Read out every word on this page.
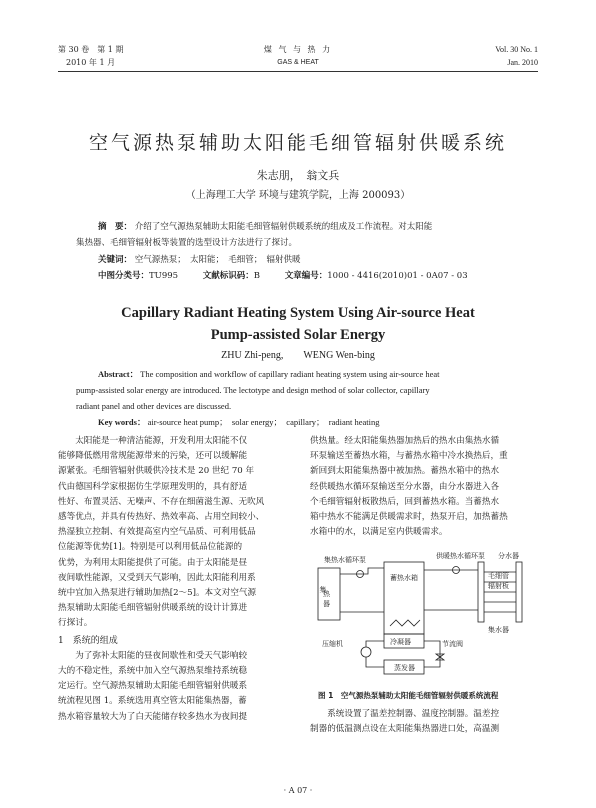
第 30 卷　第 1 期
2010 年 1 月
煤 气 与 热 力
GAS & HEAT
Vol. 30 No. 1
Jan. 2010
空气源热泵辅助太阳能毛细管辐射供暖系统
朱志朋，　翁文兵
（上海理工大学 环境与建筑学院，上海 200093）
摘　要： 介绍了空气源热泵辅助太阳能毛细管辐射供暖系统的组成及工作流程。对太阳能
集热器、毛细管辐射板等装置的选型设计方法进行了探讨。
关键词： 空气源热泵；　太阳能；　毛细管；　辐射供暖
中图分类号：TU995	文献标识码：B	文章编号：1000 - 4416(2010)01 - 0A07 - 03
Capillary Radiant Heating System Using Air-source Heat
Pump-assisted Solar Energy
ZHU Zhi-peng,　　WENG Wen-bing
Abstract： The composition and workflow of capillary radiant heating system using air-source heat
pump-assisted solar energy are introduced. The lectotype and design method of solar collector, capillary
radiant panel and other devices are discussed.
Key words： air-source heat pump；　solar energy；　capillary；　radiant heating
　　太阳能是一种清洁能源，开发利用太阳能不仅
能够降低燃用常规能源带来的污染，还可以缓解能
源紧张。毛细管辐射供暖供冷技术是 20 世纪 70 年
代由德国科学家根据仿生学原理发明的，具有舒适
性好、布置灵活、无噪声、不存在细菌滋生源、无吹风
感等优点，并具有传热好、热效率高、占用空间较小、
热湿独立控制、有效提高室内空气品质、可利用低品
位能源等优势[1]。特别是可以利用低品位能源的
优势，为利用太阳能提供了可能。由于太阳能是昼
夜间歇性能源，又受到天气影响，因此太阳能利用系
统中宜加入热泵进行辅助加热[2～5]。本文对空气源
热泵辅助太阳能毛细管辐射供暖系统的设计计算进
行探讨。
1　系统的组成
　　为了弥补太阳能的昼夜间歇性和受天气影响较
大的不稳定性，系统中加入空气源热泵维持系统稳
定运行。空气源热泵辅助太阳能毛细管辐射供暖系
统流程见图 1。系统选用真空管太阳能集热器，蓄
热水箱容量较大为了白天能储存较多热水为夜间提
供热量。经太阳能集热器加热后的热水由集热水循
环泵输送至蓄热水箱，与蓄热水箱中冷水换热后，重
新回到太阳能集热器中被加热。蓄热水箱中的热水
经供暖热水循环泵输送至分水器，由分水器进入各
个毛细管辐射板散热后，回到蓄热水箱。当蓄热水
箱中热水不能满足供暖需求时，热泵开启，加热蓄热
水箱中的水，以满足室内供暖需求。
集热水循环泵	供暖热水循环泵 分水器
集
热
器
蓄热水箱	毛细管
辐射板
集水器
冷凝器
压缩机	节流阀
蒸发器
图 1　空气源热泵辅助太阳能毛细管辐射供暖系统流程
　　系统设置了温差控制器、温度控制器。温差控
制器的低温测点设在太阳能集热器进口处，高温测
· A 07 ·
